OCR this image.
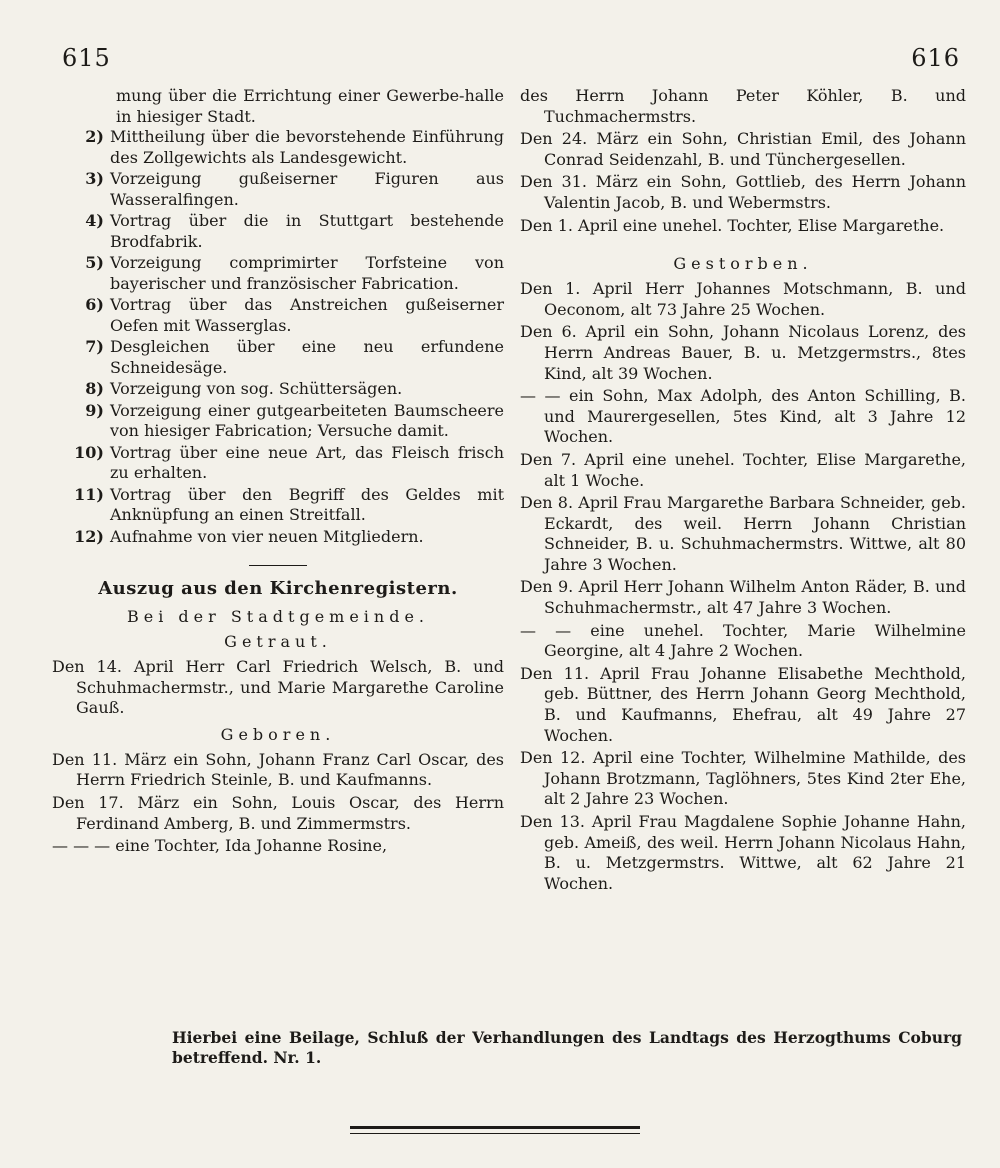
615	616

mung über die Errichtung einer Gewerbe-halle in hiesiger Stadt.

2) Mittheilung über die bevorstehende Einführung des Zollgewichts als Landesgewicht.

3) Vorzeigung gußeiserner Figuren aus Wasseralfingen.

4) Vortrag über die in Stuttgart bestehende Brodfabrik.

5) Vorzeigung comprimirter Torfsteine von bayerischer und französischer Fabrication.

6) Vortrag über das Anstreichen gußeiserner Oefen mit Wasserglas.

7) Desgleichen über eine neu erfundene Schneidesäge.

8) Vorzeigung von sog. Schüttersägen.

9) Vorzeigung einer gutgearbeiteten Baumscheere von hiesiger Fabrication; Versuche damit.

10) Vortrag über eine neue Art, das Fleisch frisch zu erhalten.

11) Vortrag über den Begriff des Geldes mit Anknüpfung an einen Streitfall.

12) Aufnahme von vier neuen Mitgliedern.

Auszug aus den Kirchenregistern.
Bei der Stadtgemeinde.
Getraut.

Den 14. April Herr Carl Friedrich Welsch, B. und Schuhmachermstr., und Marie Margarethe Caroline Gauß.

Geboren.

Den 11. März ein Sohn, Johann Franz Carl Oscar, des Herrn Friedrich Steinle, B. und Kaufmanns.

Den 17. März ein Sohn, Louis Oscar, des Herrn Ferdinand Amberg, B. und Zimmermstrs.

— — — eine Tochter, Ida Johanne Rosine,

des Herrn Johann Peter Köhler, B. und Tuchmachermstrs.

Den 24. März ein Sohn, Christian Emil, des Johann Conrad Seidenzahl, B. und Tünchergesellen.

Den 31. März ein Sohn, Gottlieb, des Herrn Johann Valentin Jacob, B. und Webermstrs.

Den 1. April eine unehel. Tochter, Elise Margarethe.

Gestorben.

Den 1. April Herr Johannes Motschmann, B. und Oeconom, alt 73 Jahre 25 Wochen.

Den 6. April ein Sohn, Johann Nicolaus Lorenz, des Herrn Andreas Bauer, B. u. Metzgermstrs., 8tes Kind, alt 39 Wochen.

— — ein Sohn, Max Adolph, des Anton Schilling, B. und Maurergesellen, 5tes Kind, alt 3 Jahre 12 Wochen.

Den 7. April eine unehel. Tochter, Elise Margarethe, alt 1 Woche.

Den 8. April Frau Margarethe Barbara Schneider, geb. Eckardt, des weil. Herrn Johann Christian Schneider, B. u. Schuhmachermstrs. Wittwe, alt 80 Jahre 3 Wochen.

Den 9. April Herr Johann Wilhelm Anton Räder, B. und Schuhmachermstr., alt 47 Jahre 3 Wochen.

— — eine unehel. Tochter, Marie Wilhelmine Georgine, alt 4 Jahre 2 Wochen.

Den 11. April Frau Johanne Elisabethe Mechthold, geb. Büttner, des Herrn Johann Georg Mechthold, B. und Kaufmanns, Ehefrau, alt 49 Jahre 27 Wochen.

Den 12. April eine Tochter, Wilhelmine Mathilde, des Johann Brotzmann, Taglöhners, 5tes Kind 2ter Ehe, alt 2 Jahre 23 Wochen.

Den 13. April Frau Magdalene Sophie Johanne Hahn, geb. Ameiß, des weil. Herrn Johann Nicolaus Hahn, B. u. Metzgermstrs. Wittwe, alt 62 Jahre 21 Wochen.

Hierbei eine Beilage, Schluß der Verhandlungen des Landtags des Herzogthums Coburg betreffend. Nr. 1.
